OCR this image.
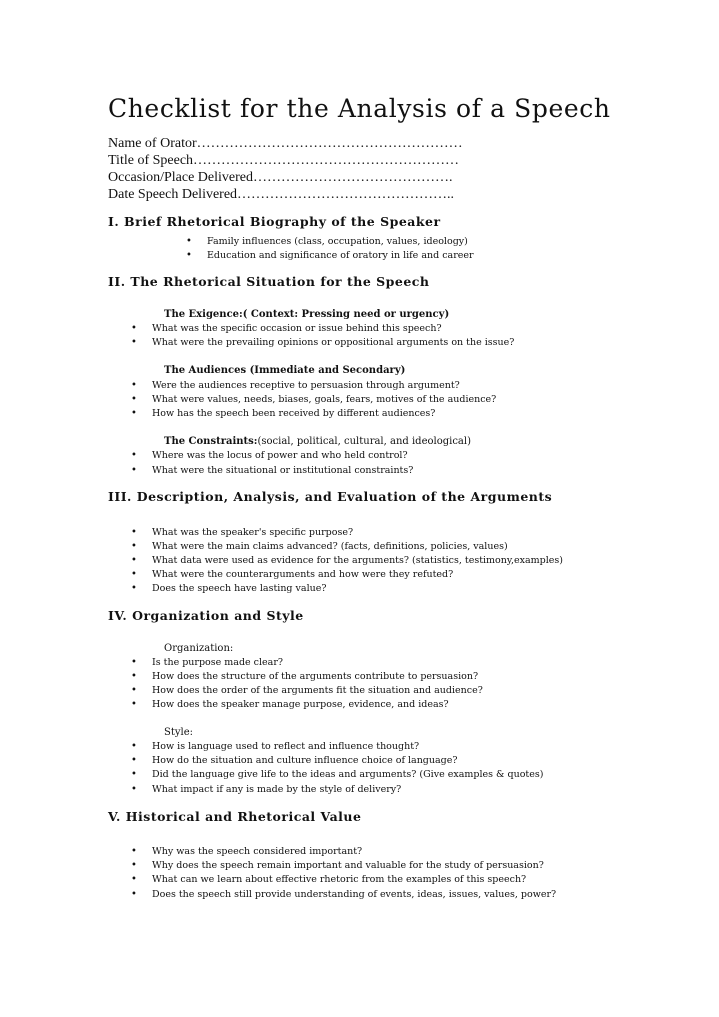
Checklist for the Analysis of a Speech
Name of Orator…………………………………………………
Title of Speech…………………………………………………
Occasion/Place Delivered…………………………………….
Date Speech Delivered………………………………………..
I. Brief Rhetorical Biography of the Speaker
• Family influences (class, occupation, values, ideology)
• Education and significance of oratory in life and career
II. The Rhetorical Situation for the Speech
The Exigence:( Context: Pressing need or urgency)
• What was the specific occasion or issue behind this speech?
• What were the prevailing opinions or oppositional arguments on the issue?
The Audiences (Immediate and Secondary)
• Were the audiences receptive to persuasion through argument?
• What were values, needs, biases, goals, fears, motives of the audience?
• How has the speech been received by different audiences?
The Constraints:(social, political, cultural, and ideological)
• Where was the locus of power and who held control?
• What were the situational or institutional constraints?
III. Description, Analysis, and Evaluation of the Arguments
• What was the speaker's specific purpose?
• What were the main claims advanced? (facts, definitions, policies, values)
• What data were used as evidence for the arguments? (statistics, testimony,examples)
• What were the counterarguments and how were they refuted?
• Does the speech have lasting value?
IV. Organization and Style
Organization:
• Is the purpose made clear?
• How does the structure of the arguments contribute to persuasion?
• How does the order of the arguments fit the situation and audience?
• How does the speaker manage purpose, evidence, and ideas?
Style:
• How is language used to reflect and influence thought?
• How do the situation and culture influence choice of language?
• Did the language give life to the ideas and arguments? (Give examples & quotes)
• What impact if any is made by the style of delivery?
V. Historical and Rhetorical Value
• Why was the speech considered important?
• Why does the speech remain important and valuable for the study of persuasion?
• What can we learn about effective rhetoric from the examples of this speech?
• Does the speech still provide understanding of events, ideas, issues, values, power?
